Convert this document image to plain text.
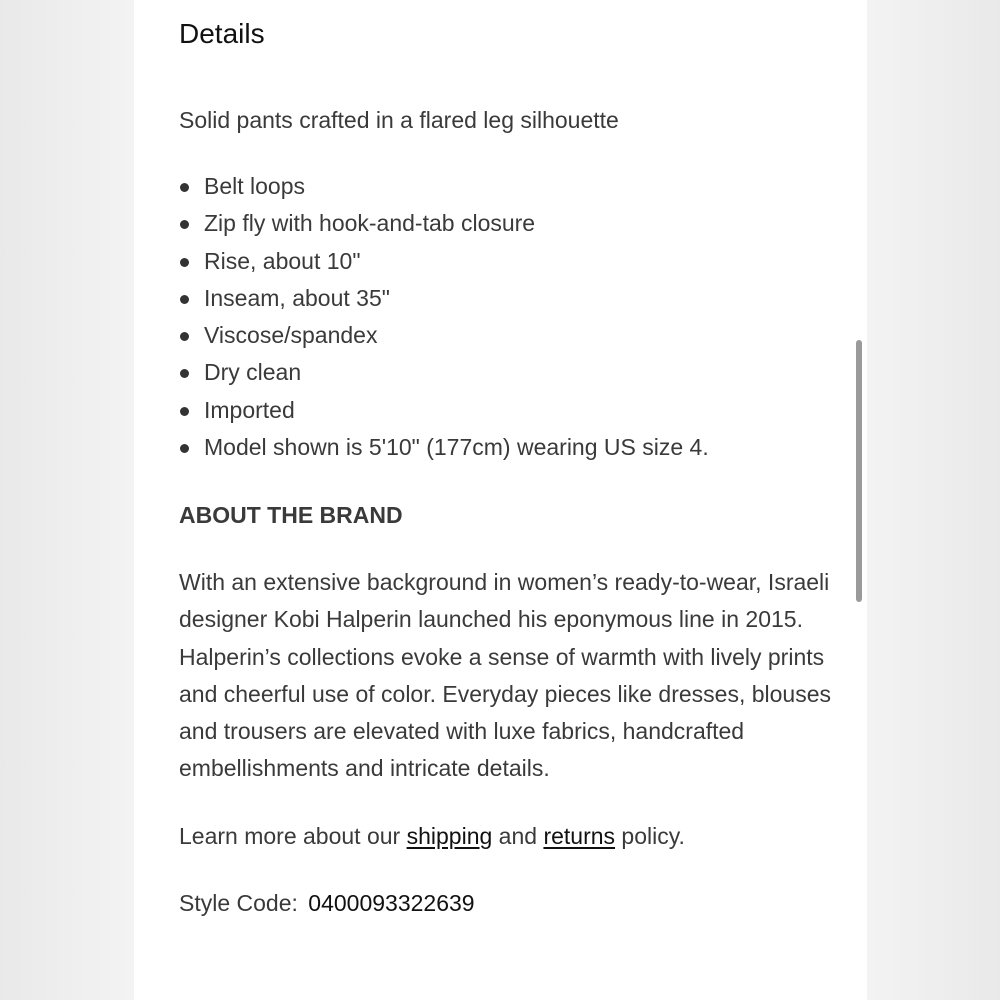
Details

Solid pants crafted in a flared leg silhouette

Belt loops
Zip fly with hook-and-tab closure
Rise, about 10"
Inseam, about 35"
Viscose/spandex
Dry clean
Imported
Model shown is 5'10" (177cm) wearing US size 4.
ABOUT THE BRAND

With an extensive background in women’s ready-to-wear, Israeli designer Kobi Halperin launched his eponymous line in 2015. Halperin’s collections evoke a sense of warmth with lively prints and cheerful use of color. Everyday pieces like dresses, blouses and trousers are elevated with luxe fabrics, handcrafted embellishments and intricate details.

Learn more about our shipping and returns policy.

Style Code: 0400093322639
